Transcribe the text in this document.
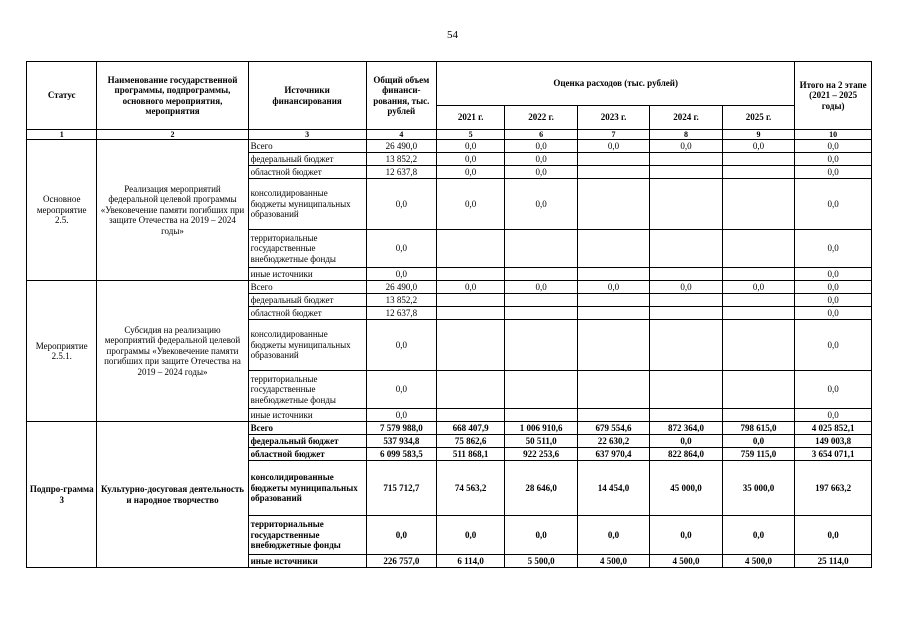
54
Статус	Наименование государственной программы, подпрограммы, основного мероприятия, мероприятия	Источники финансирования	Общий объем финанси-рования, тыс. рублей	Оценка расходов (тыс. рублей)					Итого на 2 этапе (2021 – 2025 годы)
				2021 г.	2022 г.	2023 г.	2024 г.	2025 г.	
1	2	3	4	5	6	7	8	9	10
Основное мероприятие 2.5.	Реализация мероприятий федеральной целевой программы «Увековечение памяти погибших при защите Отечества на 2019 – 2024 годы»	Всего	26 490,0	0,0	0,0	0,0	0,0	0,0	0,0
		федеральный бюджет	13 852,2	0,0	0,0				0,0
		областной бюджет	12 637,8	0,0	0,0				0,0
		консолидированные бюджеты муниципальных образований	0,0	0,0	0,0				0,0
		территориальные государственные внебюджетные фонды	0,0						0,0
		иные источники	0,0						0,0
Мероприятие 2.5.1.	Субсидия на реализацию мероприятий федеральной целевой программы «Увековечение памяти погибших при защите Отечества на 2019 – 2024 годы»	Всего	26 490,0	0,0	0,0	0,0	0,0	0,0	0,0
		федеральный бюджет	13 852,2						0,0
		областной бюджет	12 637,8						0,0
		консолидированные бюджеты муниципальных образований	0,0						0,0
		территориальные государственные внебюджетные фонды	0,0						0,0
		иные источники	0,0						0,0
Подпро-грамма 3	Культурно-досуговая деятельность и народное творчество	Всего	7 579 988,0	668 407,9	1 006 910,6	679 554,6	872 364,0	798 615,0	4 025 852,1
		федеральный бюджет	537 934,8	75 862,6	50 511,0	22 630,2	0,0	0,0	149 003,8
		областной бюджет	6 099 583,5	511 868,1	922 253,6	637 970,4	822 864,0	759 115,0	3 654 071,1
		консолидированные бюджеты муниципальных образований	715 712,7	74 563,2	28 646,0	14 454,0	45 000,0	35 000,0	197 663,2
		территориальные государственные внебюджетные фонды	0,0	0,0	0,0	0,0	0,0	0,0	0,0
		иные источники	226 757,0	6 114,0	5 500,0	4 500,0	4 500,0	4 500,0	25 114,0
